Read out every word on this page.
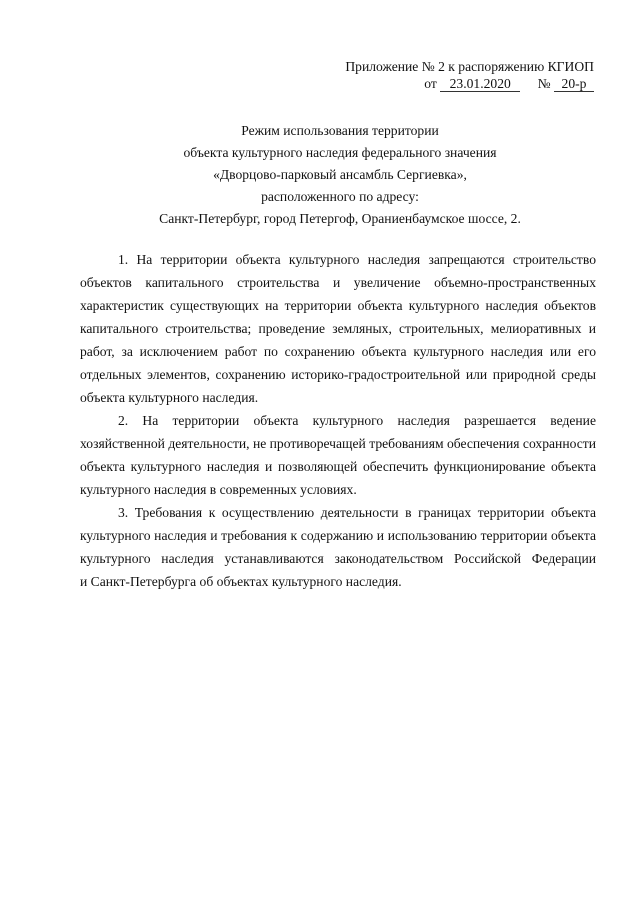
Приложение № 2 к распоряжению КГИОП
от 23.01.2020 № 20-р
Режим использования территории
объекта культурного наследия федерального значения
«Дворцово-парковый ансамбль Сергиевка»,
расположенного по адресу:
Санкт-Петербург, город Петергоф, Ораниенбаумское шоссе, 2.
1. На территории объекта культурного наследия запрещаются строительство
объектов капитального строительства и увеличение объемно-пространственных
характеристик существующих на территории объекта культурного наследия объектов
капитального строительства; проведение земляных, строительных, мелиоративных и
работ, за исключением работ по сохранению объекта культурного наследия или его
отдельных элементов, сохранению историко-градостроительной или природной среды
объекта культурного наследия.
2. На территории объекта культурного наследия разрешается ведение
хозяйственной деятельности, не противоречащей требованиям обеспечения сохранности
объекта культурного наследия и позволяющей обеспечить функционирование объекта
культурного наследия в современных условиях.
3. Требования к осуществлению деятельности в границах территории объекта
культурного наследия и требования к содержанию и использованию территории объекта
культурного наследия устанавливаются законодательством Российской Федерации
и Санкт-Петербурга об объектах культурного наследия.
